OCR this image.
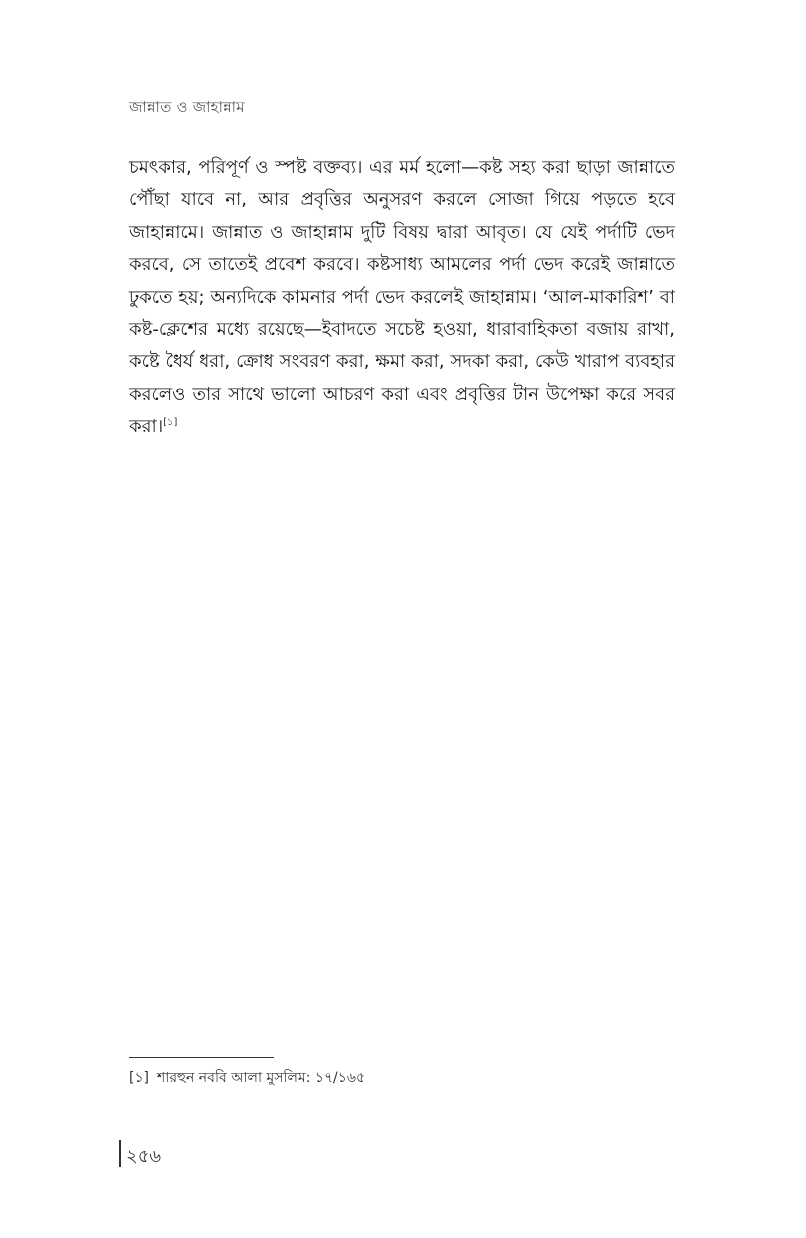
জান্নাত ও জাহান্নাম

চমৎকার, পরিপূর্ণ ও স্পষ্ট বক্তব্য। এর মর্ম হলো—কষ্ট সহ্য করা ছাড়া জান্নাতে পৌঁছা যাবে না, আর প্রবৃত্তির অনুসরণ করলে সোজা গিয়ে পড়তে হবে জাহান্নামে। জান্নাত ও জাহান্নাম দুটি বিষয় দ্বারা আবৃত। যে যেই পর্দাটি ভেদ করবে, সে তাতেই প্রবেশ করবে। কষ্টসাধ্য আমলের পর্দা ভেদ করেই জান্নাতে ঢুকতে হয়; অন্যদিকে কামনার পর্দা ভেদ করলেই জাহান্নাম। ‘আল-মাকারিশ’ বা কষ্ট-ক্লেশের মধ্যে রয়েছে—ইবাদতে সচেষ্ট হওয়া, ধারাবাহিকতা বজায় রাখা, কষ্টে ধৈর্য ধরা, ক্রোধ সংবরণ করা, ক্ষমা করা, সদকা করা, কেউ খারাপ ব্যবহার করলেও তার সাথে ভালো আচরণ করা এবং প্রবৃত্তির টান উপেক্ষা করে সবর করা।[১]

[১] শারহুন নববি আলা মুসলিম: ১৭/১৬৫
২৫৬
